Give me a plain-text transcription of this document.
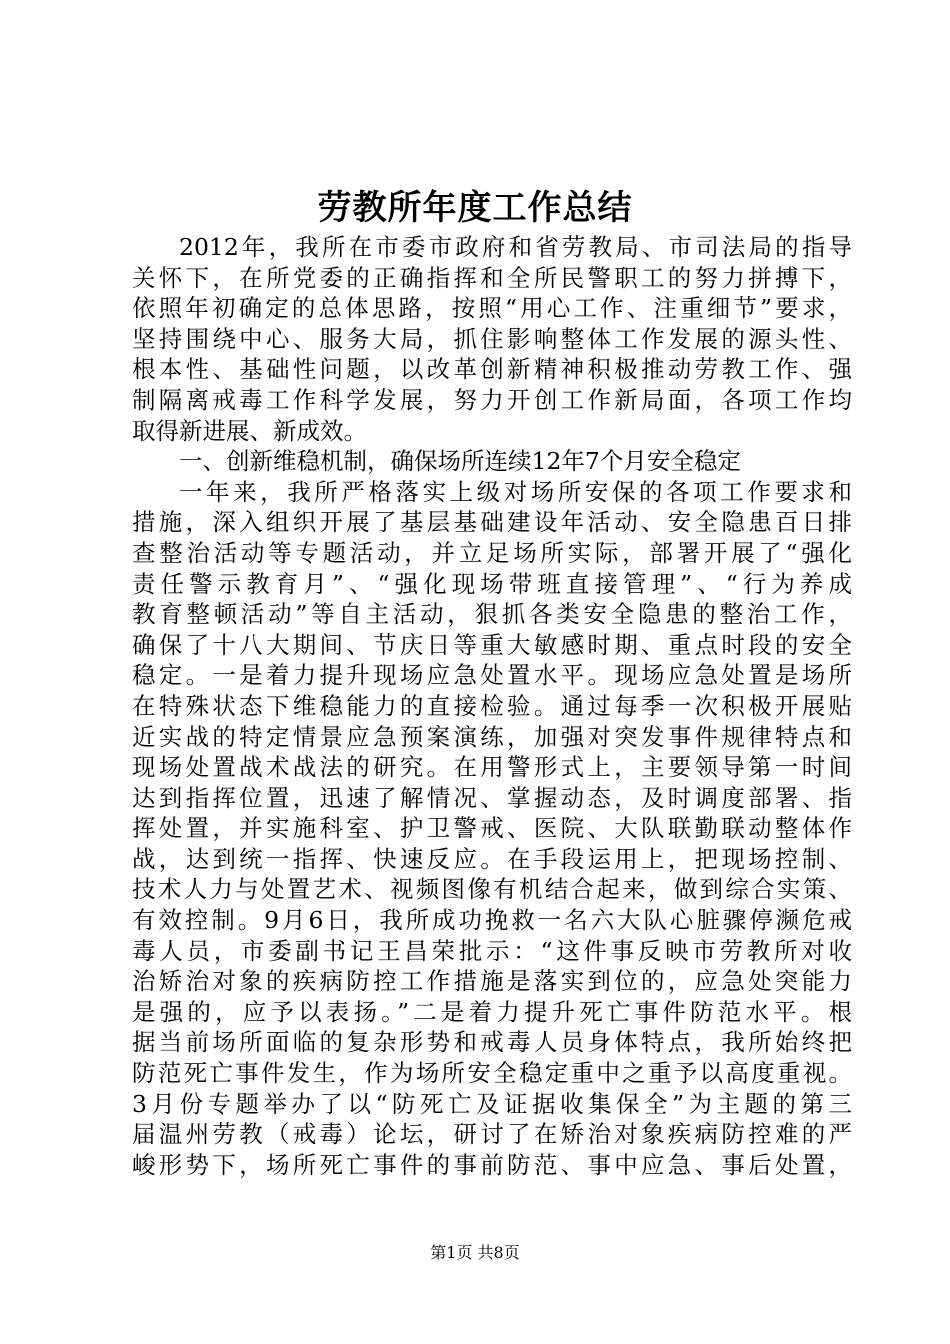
劳教所年度工作总结
2012年，我所在市委市政府和省劳教局、市司法局的指导
关怀下，在所党委的正确指挥和全所民警职工的努力拼搏下，
依照年初确定的总体思路，按照“用心工作、注重细节”要求，
坚持围绕中心、服务大局，抓住影响整体工作发展的源头性、
根本性、基础性问题，以改革创新精神积极推动劳教工作、强
制隔离戒毒工作科学发展，努力开创工作新局面，各项工作均
取得新进展、新成效。
一、创新维稳机制，确保场所连续12年7个月安全稳定
一年来，我所严格落实上级对场所安保的各项工作要求和
措施，深入组织开展了基层基础建设年活动、安全隐患百日排
查整治活动等专题活动，并立足场所实际，部署开展了“强化
责任警示教育月”、“强化现场带班直接管理”、“行为养成
教育整顿活动”等自主活动，狠抓各类安全隐患的整治工作，
确保了十八大期间、节庆日等重大敏感时期、重点时段的安全
稳定。一是着力提升现场应急处置水平。现场应急处置是场所
在特殊状态下维稳能力的直接检验。通过每季一次积极开展贴
近实战的特定情景应急预案演练，加强对突发事件规律特点和
现场处置战术战法的研究。在用警形式上，主要领导第一时间
达到指挥位置，迅速了解情况、掌握动态，及时调度部署、指
挥处置，并实施科室、护卫警戒、医院、大队联勤联动整体作
战，达到统一指挥、快速反应。在手段运用上，把现场控制、
技术人力与处置艺术、视频图像有机结合起来，做到综合实策、
有效控制。9月6日，我所成功挽救一名六大队心脏骤停濒危戒
毒人员，市委副书记王昌荣批示：“这件事反映市劳教所对收
治矫治对象的疾病防控工作措施是落实到位的，应急处突能力
是强的，应予以表扬。”二是着力提升死亡事件防范水平。根
据当前场所面临的复杂形势和戒毒人员身体特点，我所始终把
防范死亡事件发生，作为场所安全稳定重中之重予以高度重视。
3月份专题举办了以“防死亡及证据收集保全”为主题的第三
届温州劳教（戒毒）论坛，研讨了在矫治对象疾病防控难的严
峻形势下，场所死亡事件的事前防范、事中应急、事后处置，
第1页 共8页
